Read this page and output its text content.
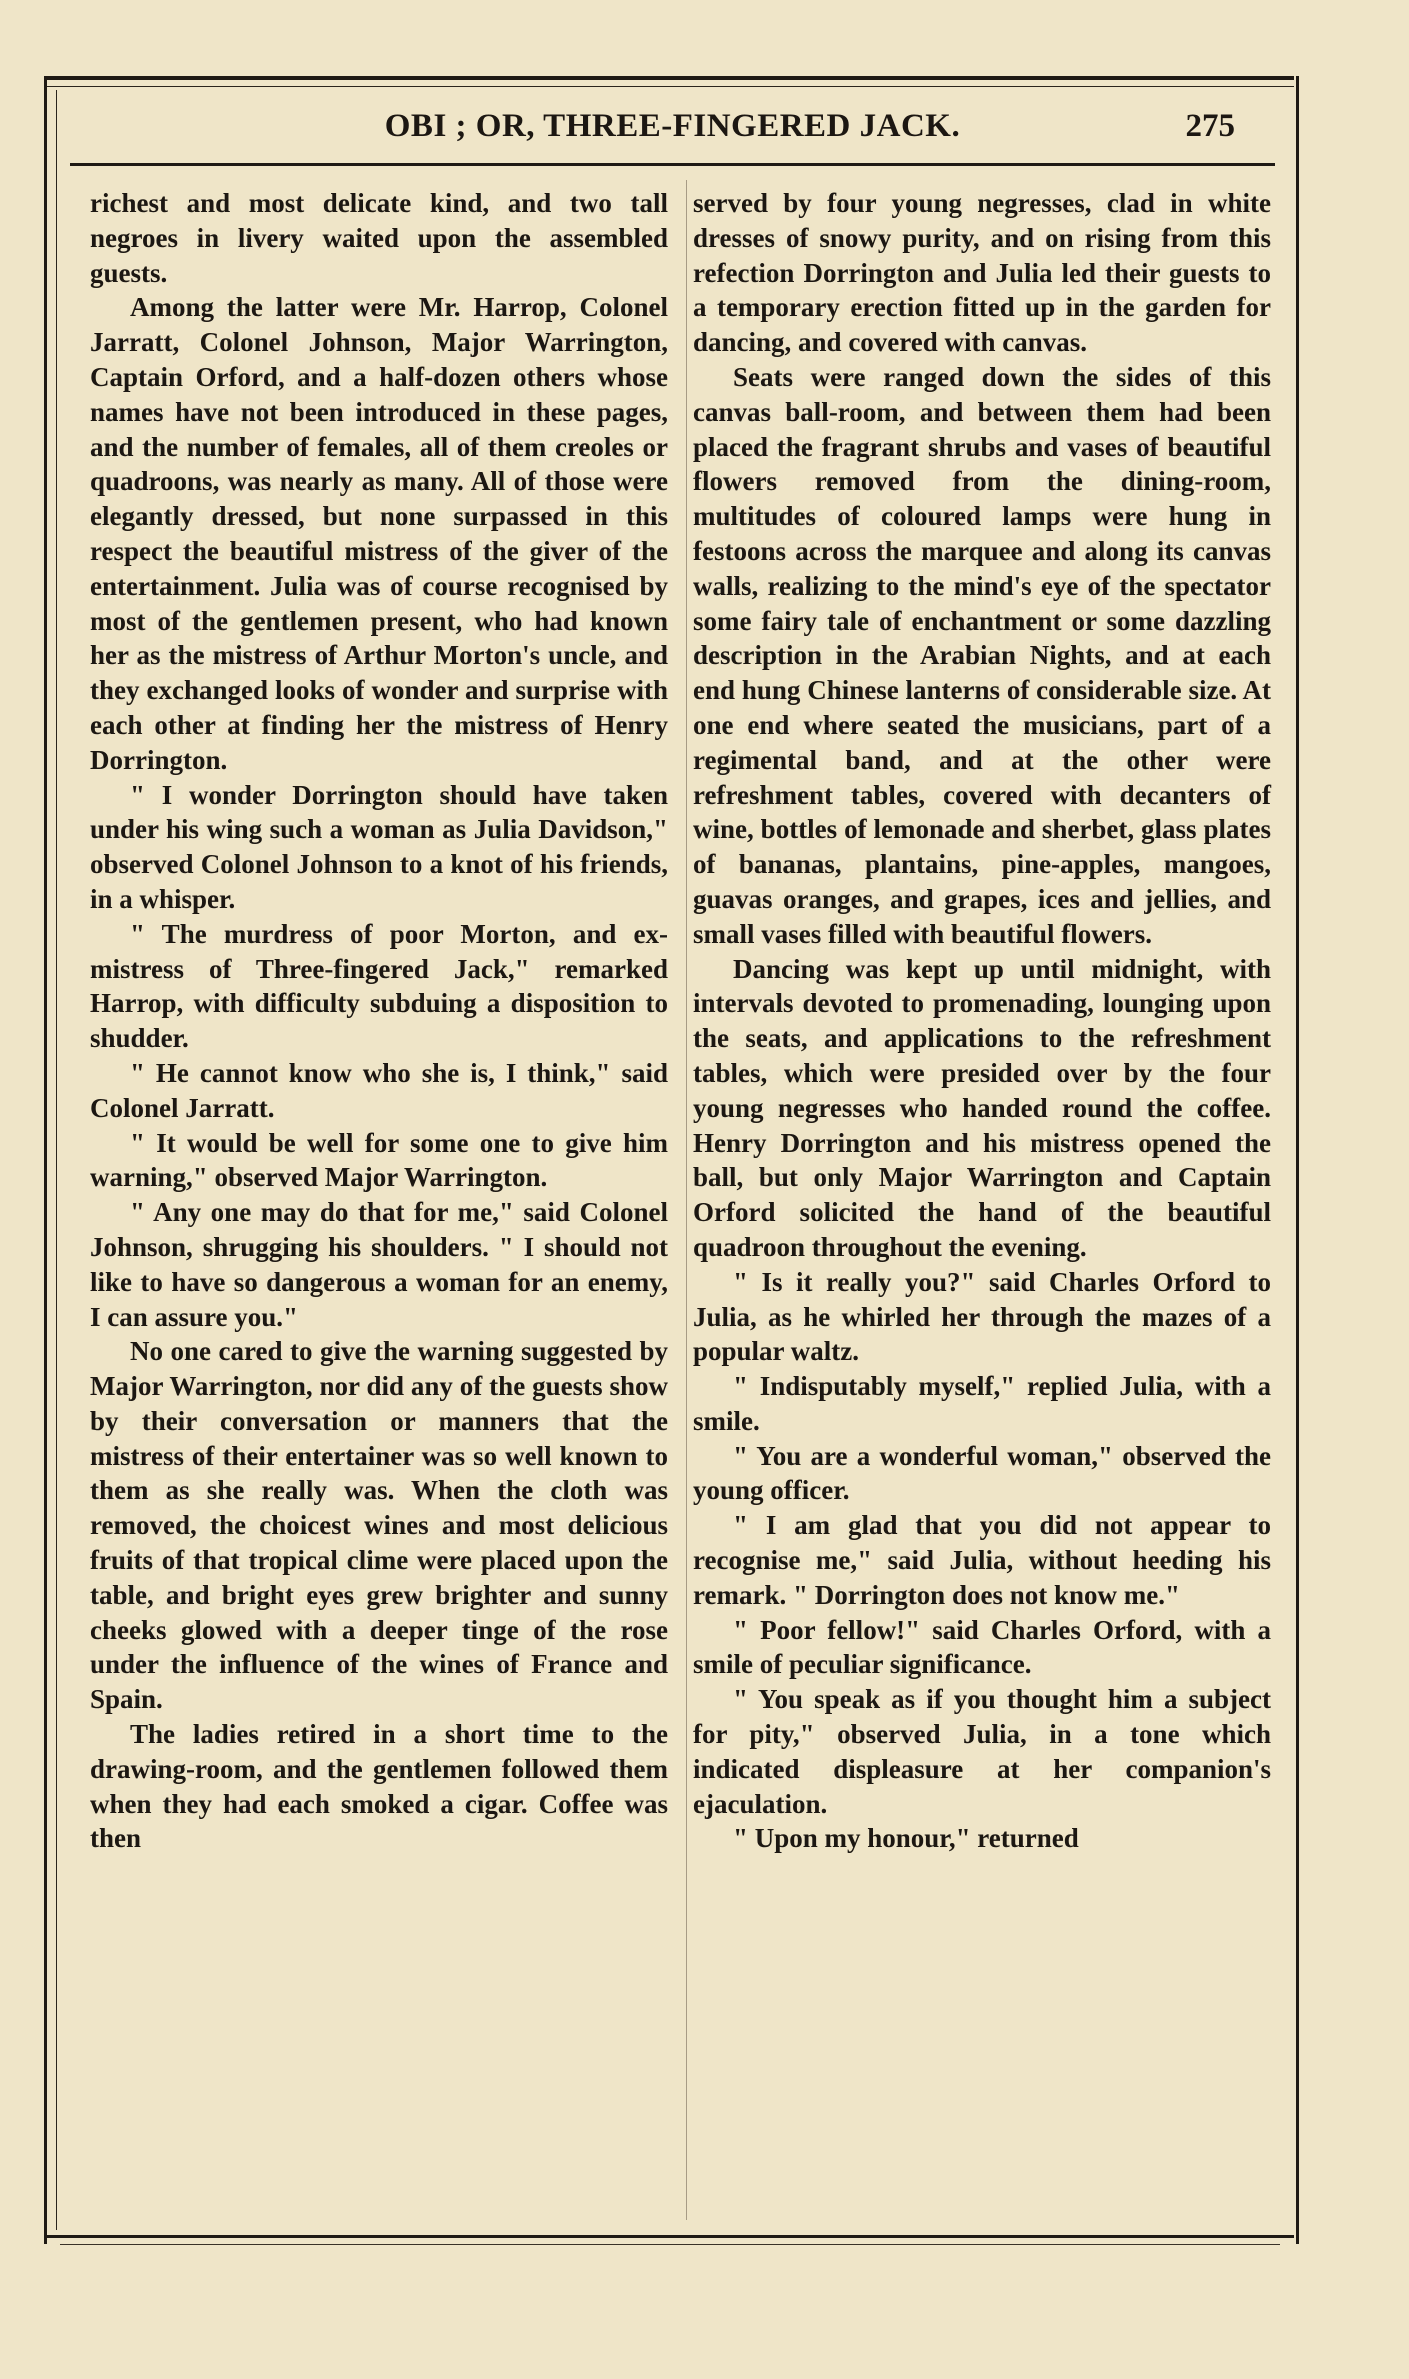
OBI ; OR, THREE-FINGERED JACK.	275

richest and most delicate kind, and two tall negroes in livery waited upon the assembled guests.

Among the latter were Mr. Harrop, Colonel Jarratt, Colonel Johnson, Major Warrington, Captain Orford, and a half-dozen others whose names have not been introduced in these pages, and the number of females, all of them creoles or quadroons, was nearly as many. All of those were elegantly dressed, but none surpassed in this respect the beautiful mistress of the giver of the entertainment. Julia was of course recognised by most of the gentlemen present, who had known her as the mistress of Arthur Morton's uncle, and they exchanged looks of wonder and surprise with each other at finding her the mistress of Henry Dorrington.

" I wonder Dorrington should have taken under his wing such a woman as Julia Davidson," observed Colonel Johnson to a knot of his friends, in a whisper.

" The murdress of poor Morton, and ex-mistress of Three-fingered Jack," remarked Harrop, with difficulty subduing a disposition to shudder.

" He cannot know who she is, I think," said Colonel Jarratt.

" It would be well for some one to give him warning," observed Major Warrington.

" Any one may do that for me," said Colonel Johnson, shrugging his shoulders. " I should not like to have so dangerous a woman for an enemy, I can assure you."

No one cared to give the warning suggested by Major Warrington, nor did any of the guests show by their conversation or manners that the mistress of their entertainer was so well known to them as she really was. When the cloth was removed, the choicest wines and most delicious fruits of that tropical clime were placed upon the table, and bright eyes grew brighter and sunny cheeks glowed with a deeper tinge of the rose under the influence of the wines of France and Spain.

The ladies retired in a short time to the drawing-room, and the gentlemen followed them when they had each smoked a cigar. Coffee was then

served by four young negresses, clad in white dresses of snowy purity, and on rising from this refection Dorrington and Julia led their guests to a temporary erection fitted up in the garden for dancing, and covered with canvas.

Seats were ranged down the sides of this canvas ball-room, and between them had been placed the fragrant shrubs and vases of beautiful flowers removed from the dining-room, multitudes of coloured lamps were hung in festoons across the marquee and along its canvas walls, realizing to the mind's eye of the spectator some fairy tale of enchantment or some dazzling description in the Arabian Nights, and at each end hung Chinese lanterns of considerable size. At one end where seated the musicians, part of a regimental band, and at the other were refreshment tables, covered with decanters of wine, bottles of lemonade and sherbet, glass plates of bananas, plantains, pine-apples, mangoes, guavas oranges, and grapes, ices and jellies, and small vases filled with beautiful flowers.

Dancing was kept up until midnight, with intervals devoted to promenading, lounging upon the seats, and applications to the refreshment tables, which were presided over by the four young negresses who handed round the coffee. Henry Dorrington and his mistress opened the ball, but only Major Warrington and Captain Orford solicited the hand of the beautiful quadroon throughout the evening.

" Is it really you?" said Charles Orford to Julia, as he whirled her through the mazes of a popular waltz.

" Indisputably myself," replied Julia, with a smile.

" You are a wonderful woman," observed the young officer.

" I am glad that you did not appear to recognise me," said Julia, without heeding his remark. " Dorrington does not know me."

" Poor fellow!" said Charles Orford, with a smile of peculiar significance.

" You speak as if you thought him a subject for pity," observed Julia, in a tone which indicated displeasure at her companion's ejaculation.

" Upon my honour," returned
